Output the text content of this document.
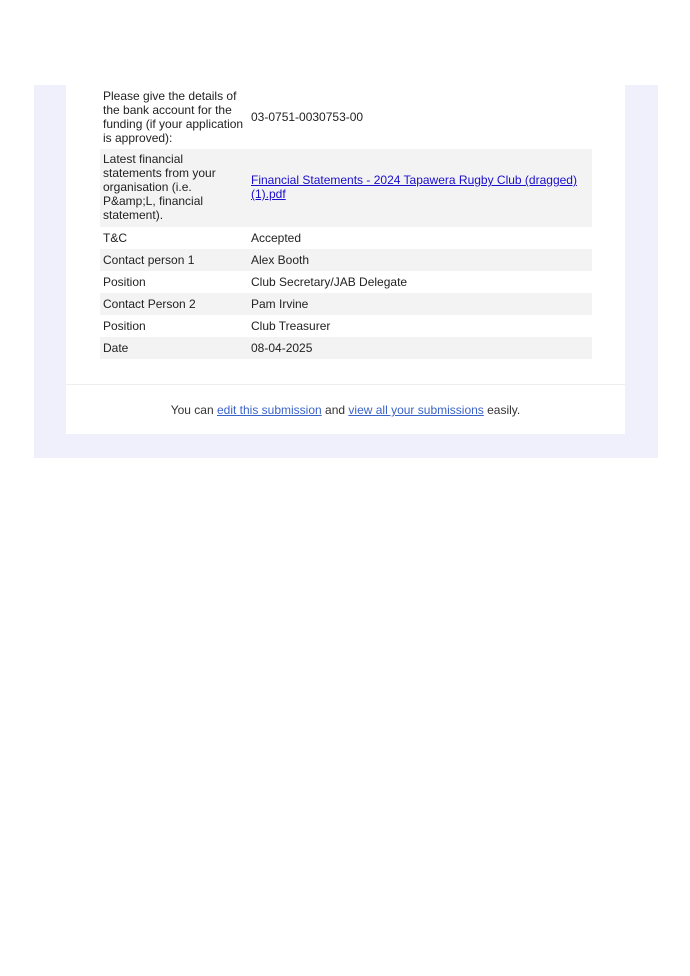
Please give the details of the bank account for the funding (if your application is approved):	03-0751-0030753-00
Latest financial statements from your organisation (i.e. P&amp;L, financial statement).	Financial Statements - 2024 Tapawera Rugby Club (dragged) (1).pdf
T&C	Accepted
Contact person 1	Alex Booth
Position	Club Secretary/JAB Delegate
Contact Person 2	Pam Irvine
Position	Club Treasurer
Date	08-04-2025
You can edit this submission and view all your submissions easily.
